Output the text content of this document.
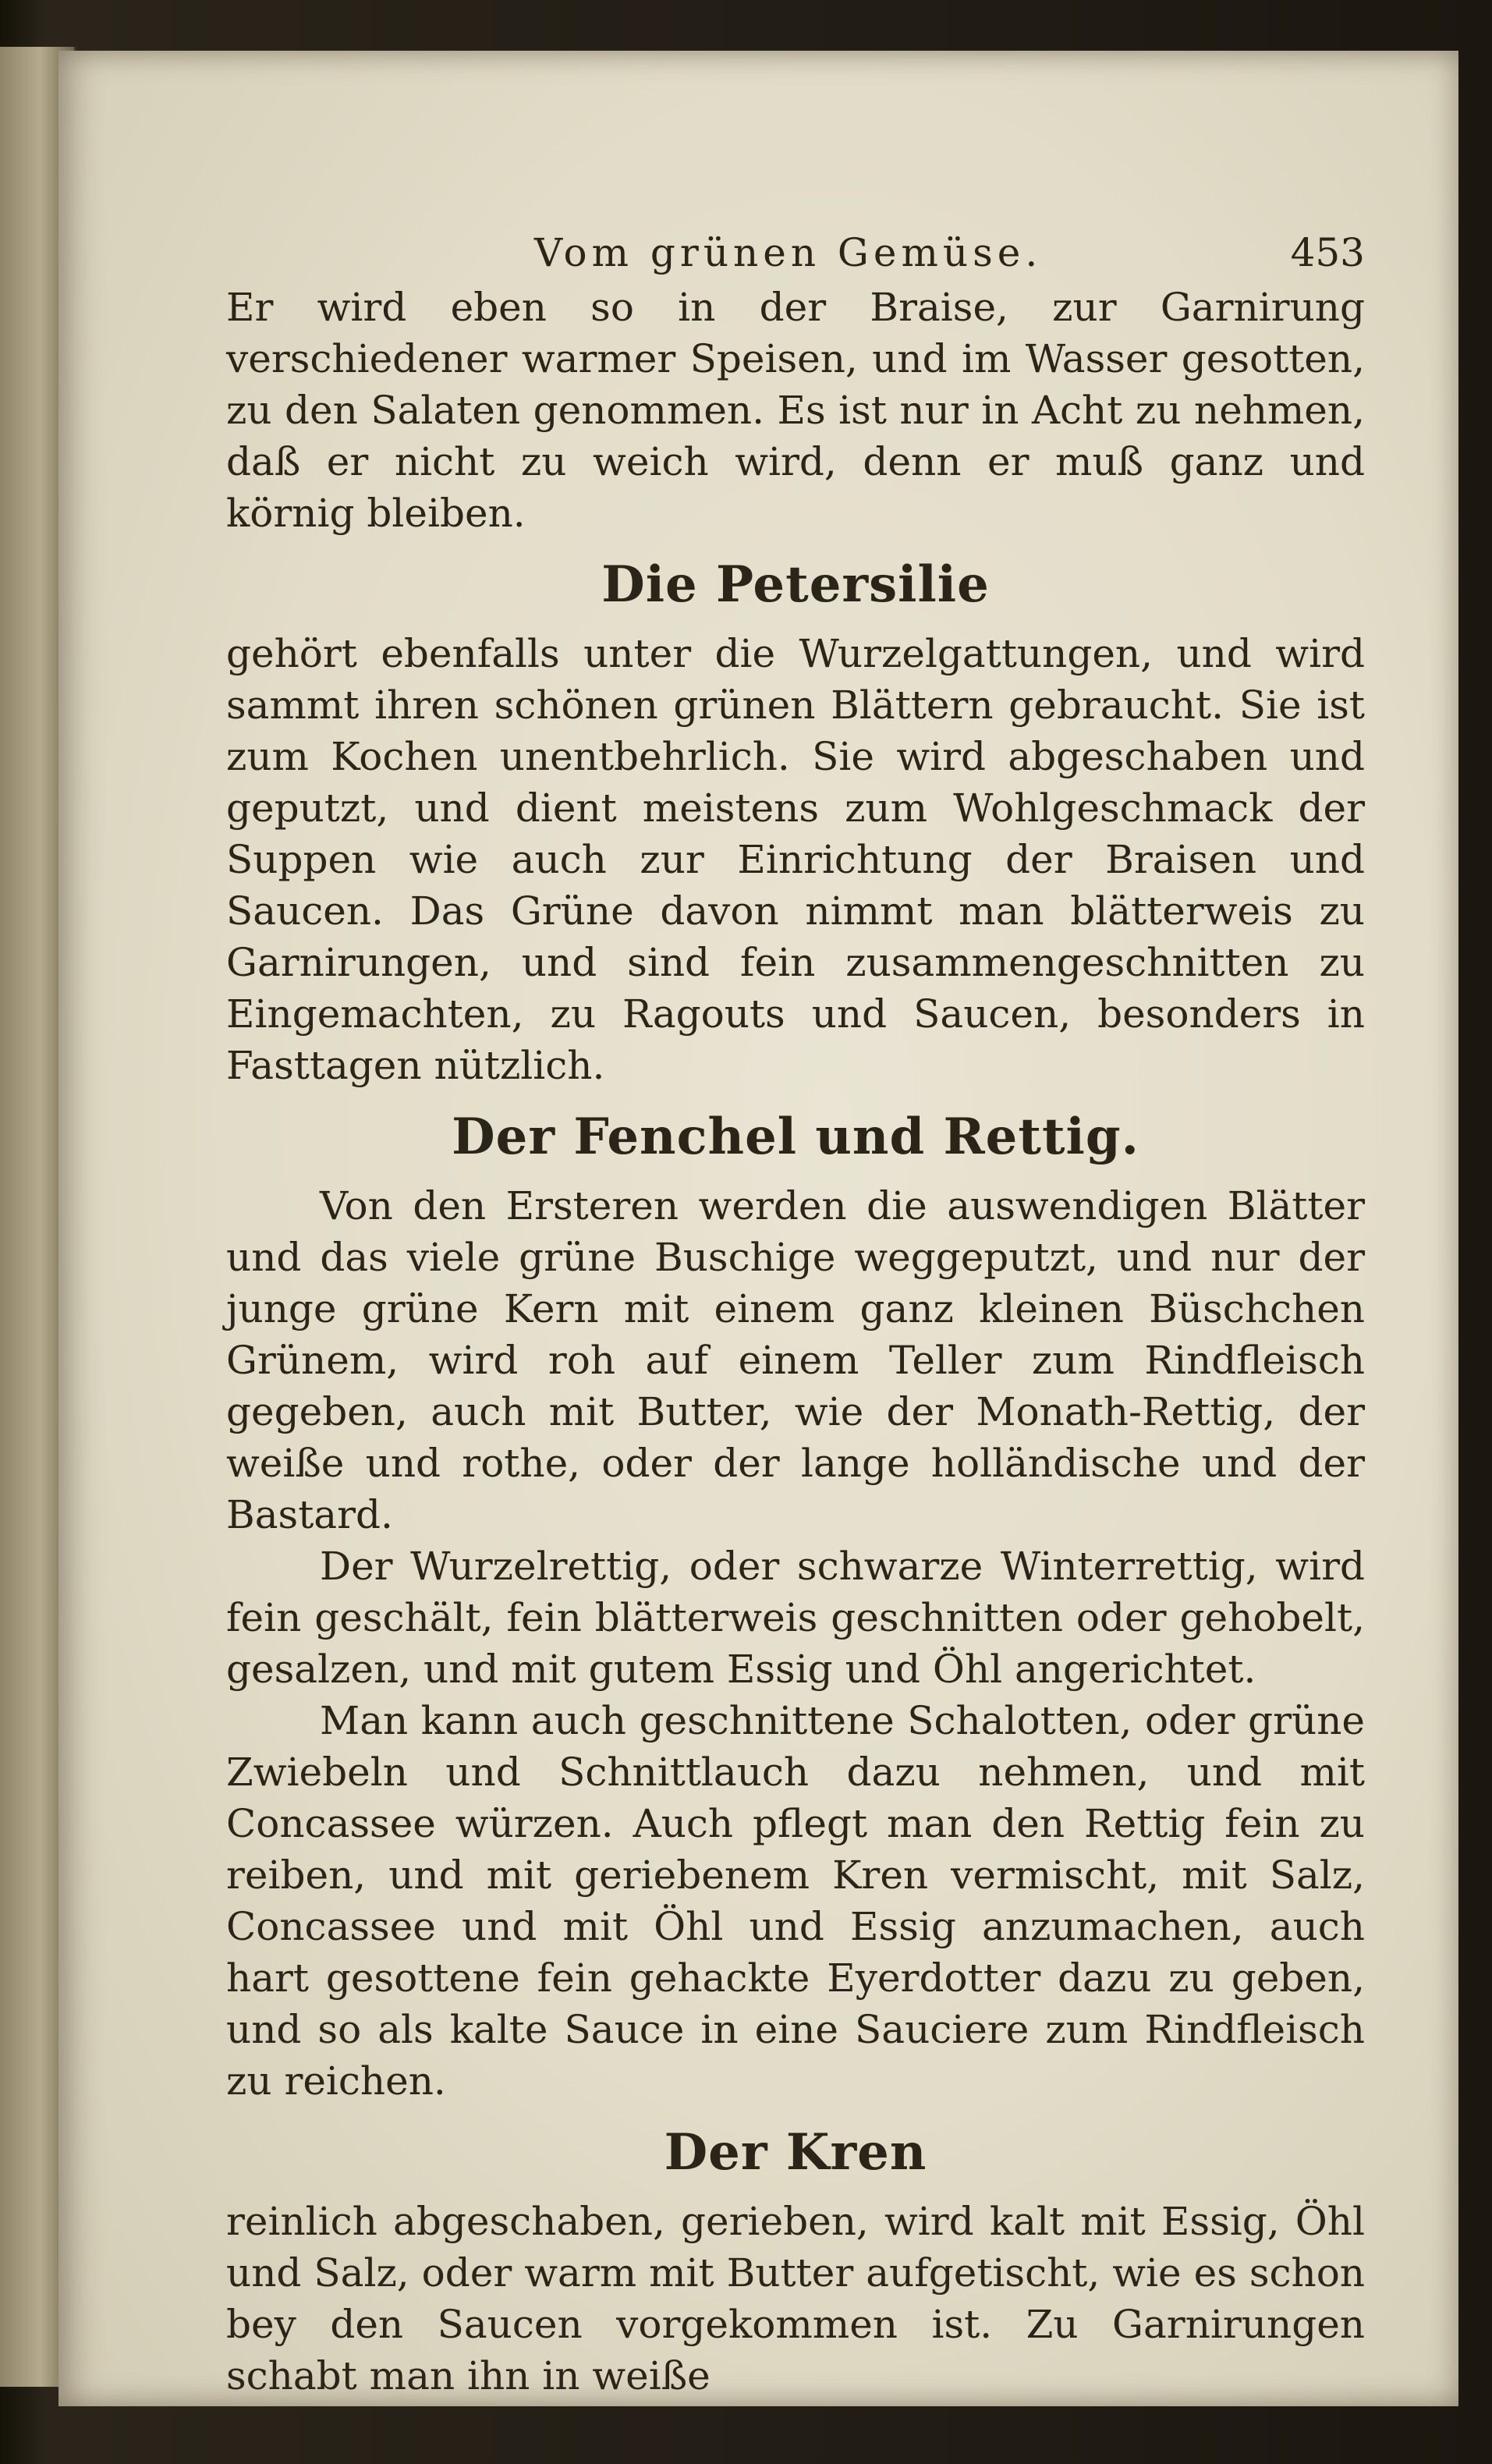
Vom grünen Gemüse.	453

Er wird eben so in der Braise, zur Garnirung verschiedener warmer Speisen, und im Wasser gesotten, zu den Salaten genommen. Es ist nur in Acht zu nehmen, daß er nicht zu weich wird, denn er muß ganz und körnig bleiben.

Die Petersilie

gehört ebenfalls unter die Wurzelgattungen, und wird sammt ihren schönen grünen Blättern gebraucht. Sie ist zum Kochen unentbehrlich. Sie wird abgeschaben und geputzt, und dient meistens zum Wohlgeschmack der Suppen wie auch zur Einrichtung der Braisen und Saucen. Das Grüne davon nimmt man blätterweis zu Garnirungen, und sind fein zusammengeschnitten zu Eingemachten, zu Ragouts und Saucen, besonders in Fasttagen nützlich.

Der Fenchel und Rettig.

Von den Ersteren werden die auswendigen Blätter und das viele grüne Buschige weggeputzt, und nur der junge grüne Kern mit einem ganz kleinen Büschchen Grünem, wird roh auf einem Teller zum Rindfleisch gegeben, auch mit Butter, wie der Monath-Rettig, der weiße und rothe, oder der lange holländische und der Bastard.

Der Wurzelrettig, oder schwarze Winterrettig, wird fein geschält, fein blätterweis geschnitten oder gehobelt, gesalzen, und mit gutem Essig und Öhl angerichtet.

Man kann auch geschnittene Schalotten, oder grüne Zwiebeln und Schnittlauch dazu nehmen, und mit Concassee würzen. Auch pflegt man den Rettig fein zu reiben, und mit geriebenem Kren vermischt, mit Salz, Concassee und mit Öhl und Essig anzumachen, auch hart gesottene fein gehackte Eyerdotter dazu zu geben, und so als kalte Sauce in eine Sauciere zum Rindfleisch zu reichen.

Der Kren

reinlich abgeschaben, gerieben, wird kalt mit Essig, Öhl und Salz, oder warm mit Butter aufgetischt, wie es schon bey den Saucen vorgekommen ist. Zu Garnirungen schabt man ihn in weiße
